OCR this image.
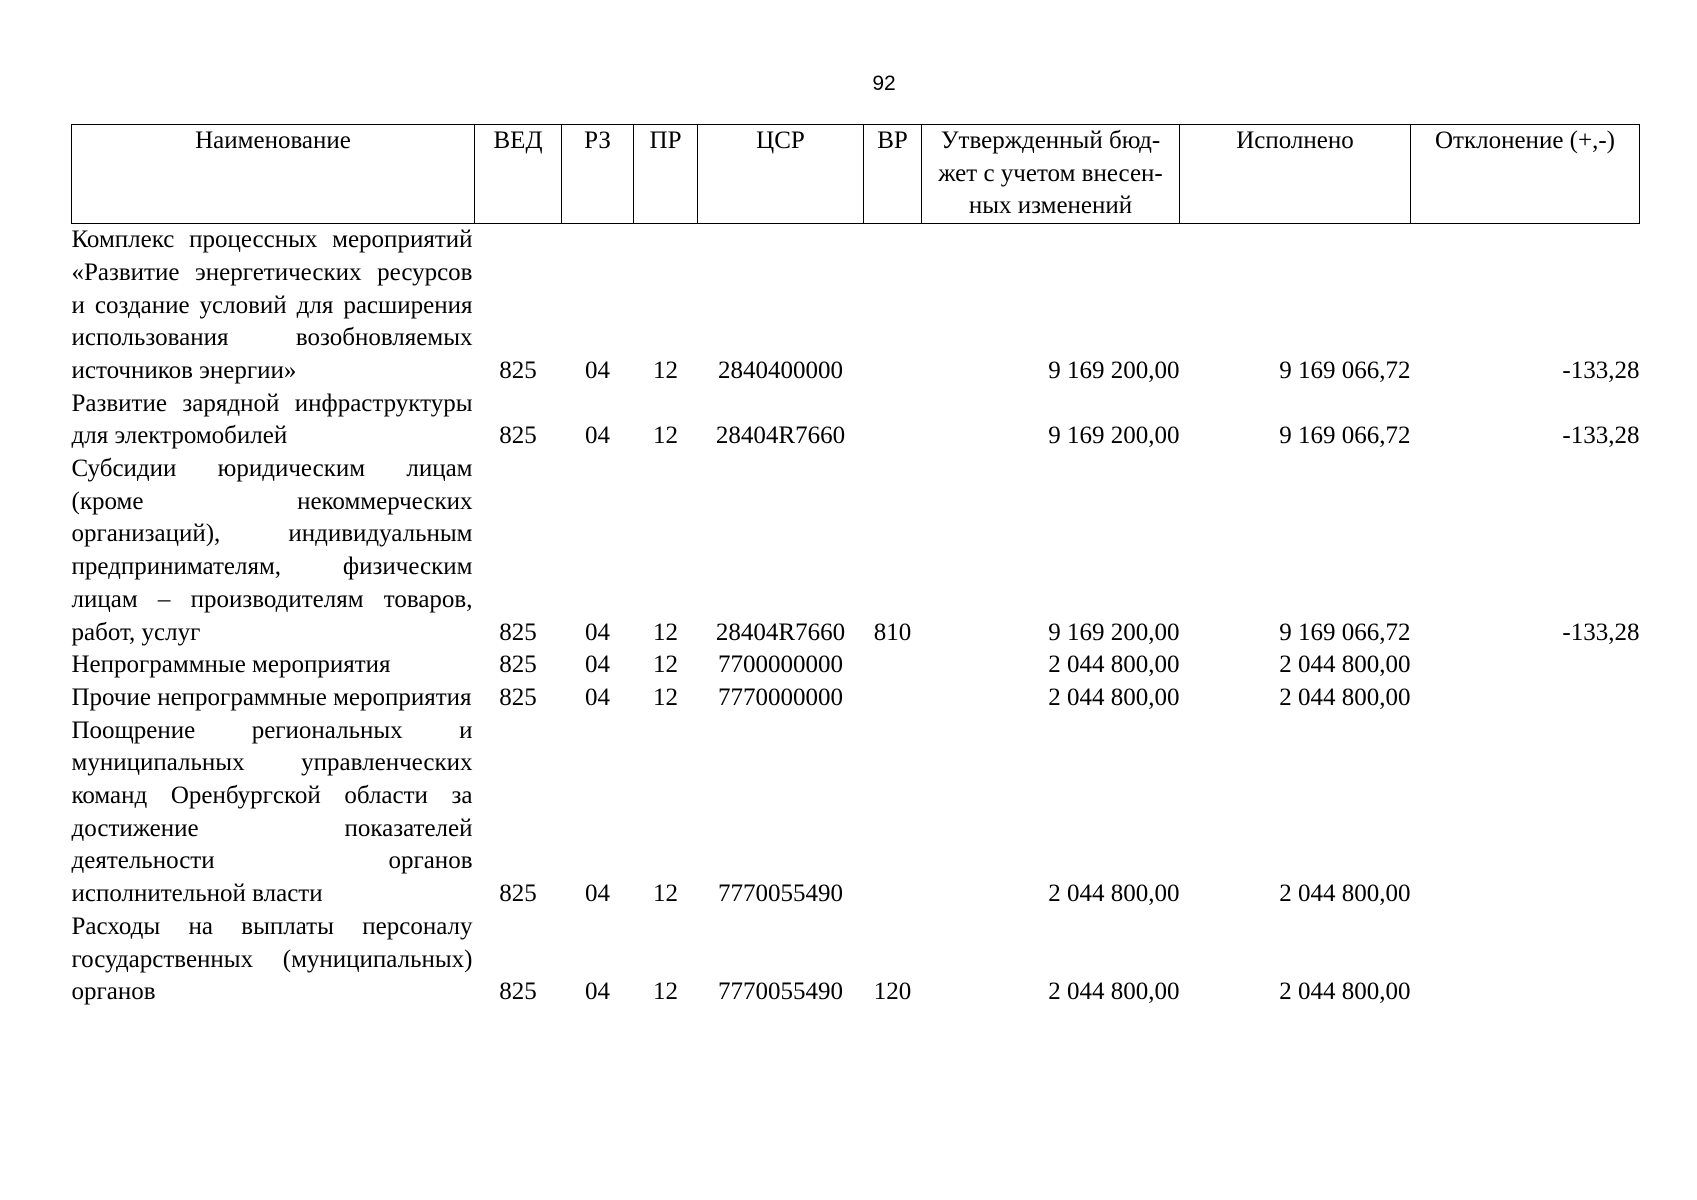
92
Наименование	ВЕД	РЗ	ПР	ЦСР	ВР	Утвержденный бюд-жет с учетом внесен-ных изменений	Исполнено	Отклонение (+,-)
Комплекс процессных мероприятий «Развитие энергетических ресурсов и создание условий для расширения использования возобновляемых источников энергии»	825	04	12	2840400000		9 169 200,00	9 169 066,72	-133,28
Развитие зарядной инфраструктуры для электромобилей	825	04	12	28404R7660		9 169 200,00	9 169 066,72	-133,28
Субсидии юридическим лицам (кроме некоммерческих организаций), индивидуальным предпринимателям, физическим лицам – производителям товаров, работ, услуг	825	04	12	28404R7660	810	9 169 200,00	9 169 066,72	-133,28
Непрограммные мероприятия	825	04	12	7700000000		2 044 800,00	2 044 800,00	
Прочие непрограммные мероприятия	825	04	12	7770000000		2 044 800,00	2 044 800,00	
Поощрение региональных и муниципальных управленческих команд Оренбургской области за достижение показателей деятельности органов исполнительной власти	825	04	12	7770055490		2 044 800,00	2 044 800,00	
Расходы на выплаты персоналу государственных (муниципальных) органов	825	04	12	7770055490	120	2 044 800,00	2 044 800,00	
